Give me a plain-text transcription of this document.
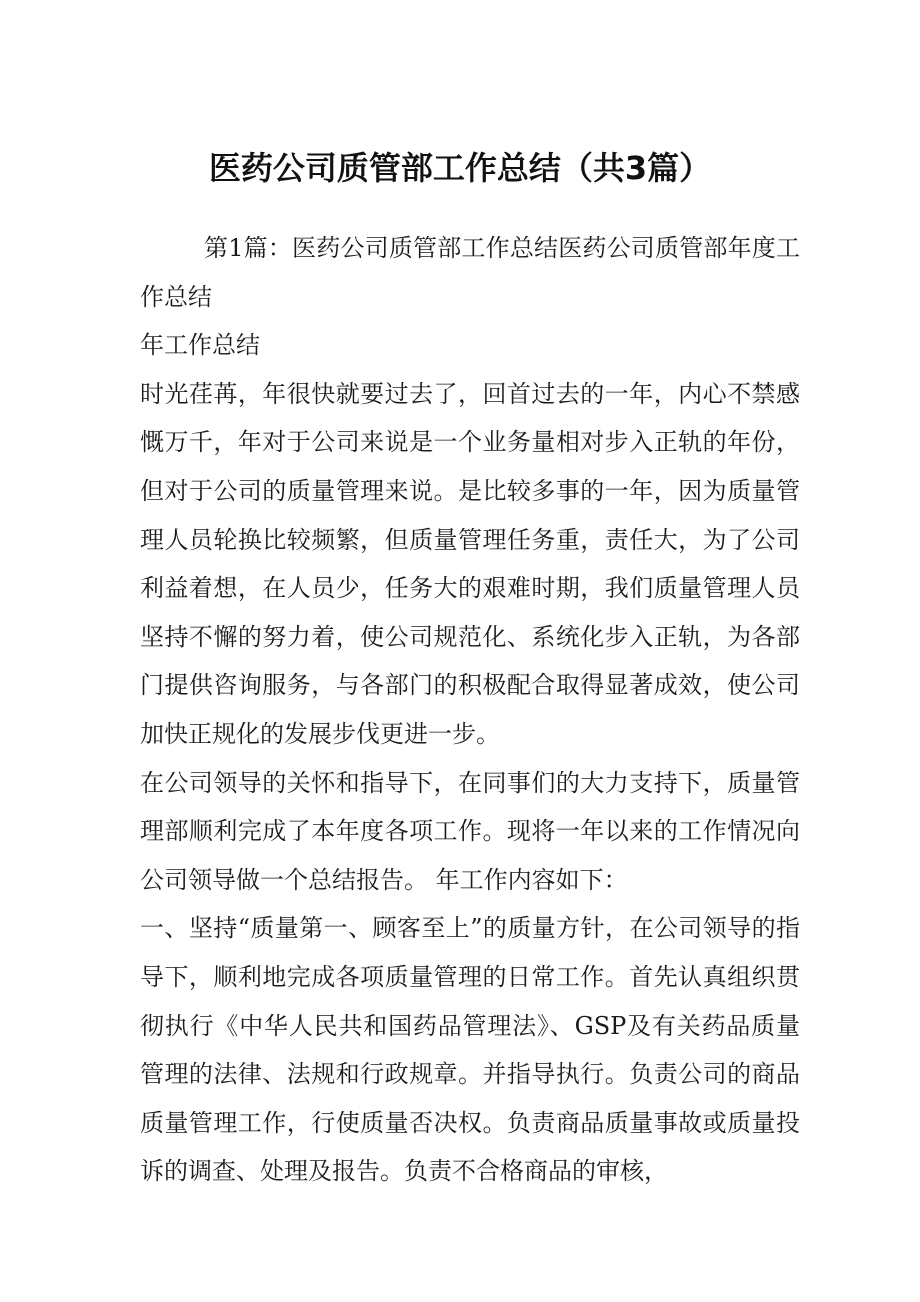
医药公司质管部工作总结（共3篇）

第1篇：医药公司质管部工作总结医药公司质管部年度工作总结

年工作总结

时光荏苒，年很快就要过去了，回首过去的一年，内心不禁感慨万千，年对于公司来说是一个业务量相对步入正轨的年份，但对于公司的质量管理来说。是比较多事的一年，因为质量管理人员轮换比较频繁，但质量管理任务重，责任大，为了公司利益着想，在人员少，任务大的艰难时期，我们质量管理人员坚持不懈的努力着，使公司规范化、系统化步入正轨，为各部门提供咨询服务，与各部门的积极配合取得显著成效，使公司加快正规化的发展步伐更进一步。

在公司领导的关怀和指导下，在同事们的大力支持下，质量管理部顺利完成了本年度各项工作。现将一年以来的工作情况向公司领导做一个总结报告。 年工作内容如下：

一、坚持“质量第一、顾客至上”的质量方针，在公司领导的指导下，顺利地完成各项质量管理的日常工作。首先认真组织贯彻执行《中华人民共和国药品管理法》、GSP及有关药品质量管理的法律、法规和行政规章。并指导执行。负责公司的商品质量管理工作，行使质量否决权。负责商品质量事故或质量投诉的调查、处理及报告。负责不合格商品的审核，
